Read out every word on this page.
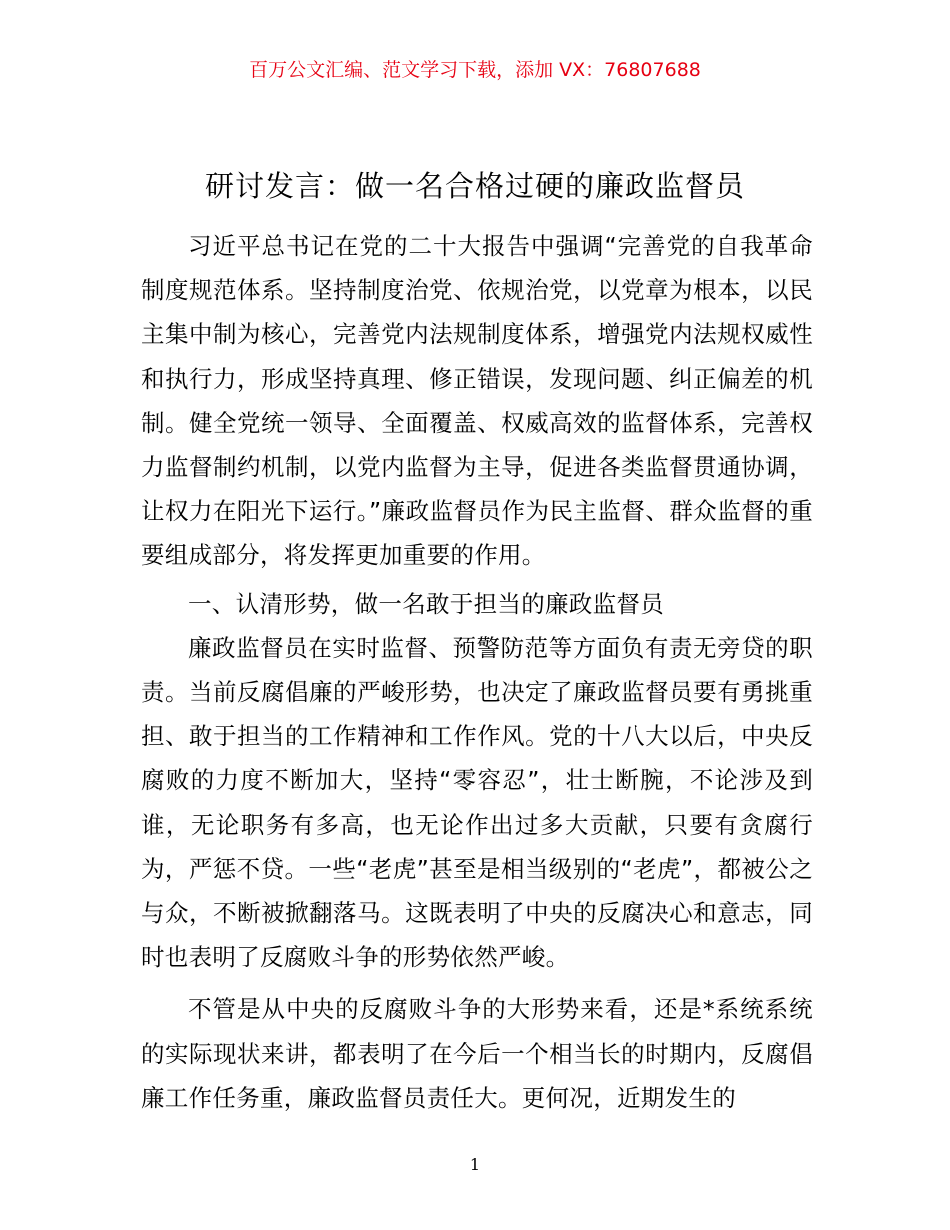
百万公文汇编、范文学习下载，添加 VX：76807688
研讨发言：做一名合格过硬的廉政监督员

习近平总书记在党的二十大报告中强调“完善党的自我革命制度规范体系。坚持制度治党、依规治党，以党章为根本，以民主集中制为核心，完善党内法规制度体系，增强党内法规权威性和执行力，形成坚持真理、修正错误，发现问题、纠正偏差的机制。健全党统一领导、全面覆盖、权威高效的监督体系，完善权力监督制约机制，以党内监督为主导，促进各类监督贯通协调，让权力在阳光下运行。”廉政监督员作为民主监督、群众监督的重要组成部分，将发挥更加重要的作用。

一、认清形势，做一名敢于担当的廉政监督员

廉政监督员在实时监督、预警防范等方面负有责无旁贷的职责。当前反腐倡廉的严峻形势，也决定了廉政监督员要有勇挑重担、敢于担当的工作精神和工作作风。党的十八大以后，中央反腐败的力度不断加大，坚持“零容忍”，壮士断腕，不论涉及到谁，无论职务有多高，也无论作出过多大贡献，只要有贪腐行为，严惩不贷。一些“老虎”甚至是相当级别的“老虎”，都被公之与众，不断被掀翻落马。这既表明了中央的反腐决心和意志，同时也表明了反腐败斗争的形势依然严峻。

不管是从中央的反腐败斗争的大形势来看，还是*系统系统的实际现状来讲，都表明了在今后一个相当长的时期内，反腐倡廉工作任务重，廉政监督员责任大。更何况，近期发生的

1
